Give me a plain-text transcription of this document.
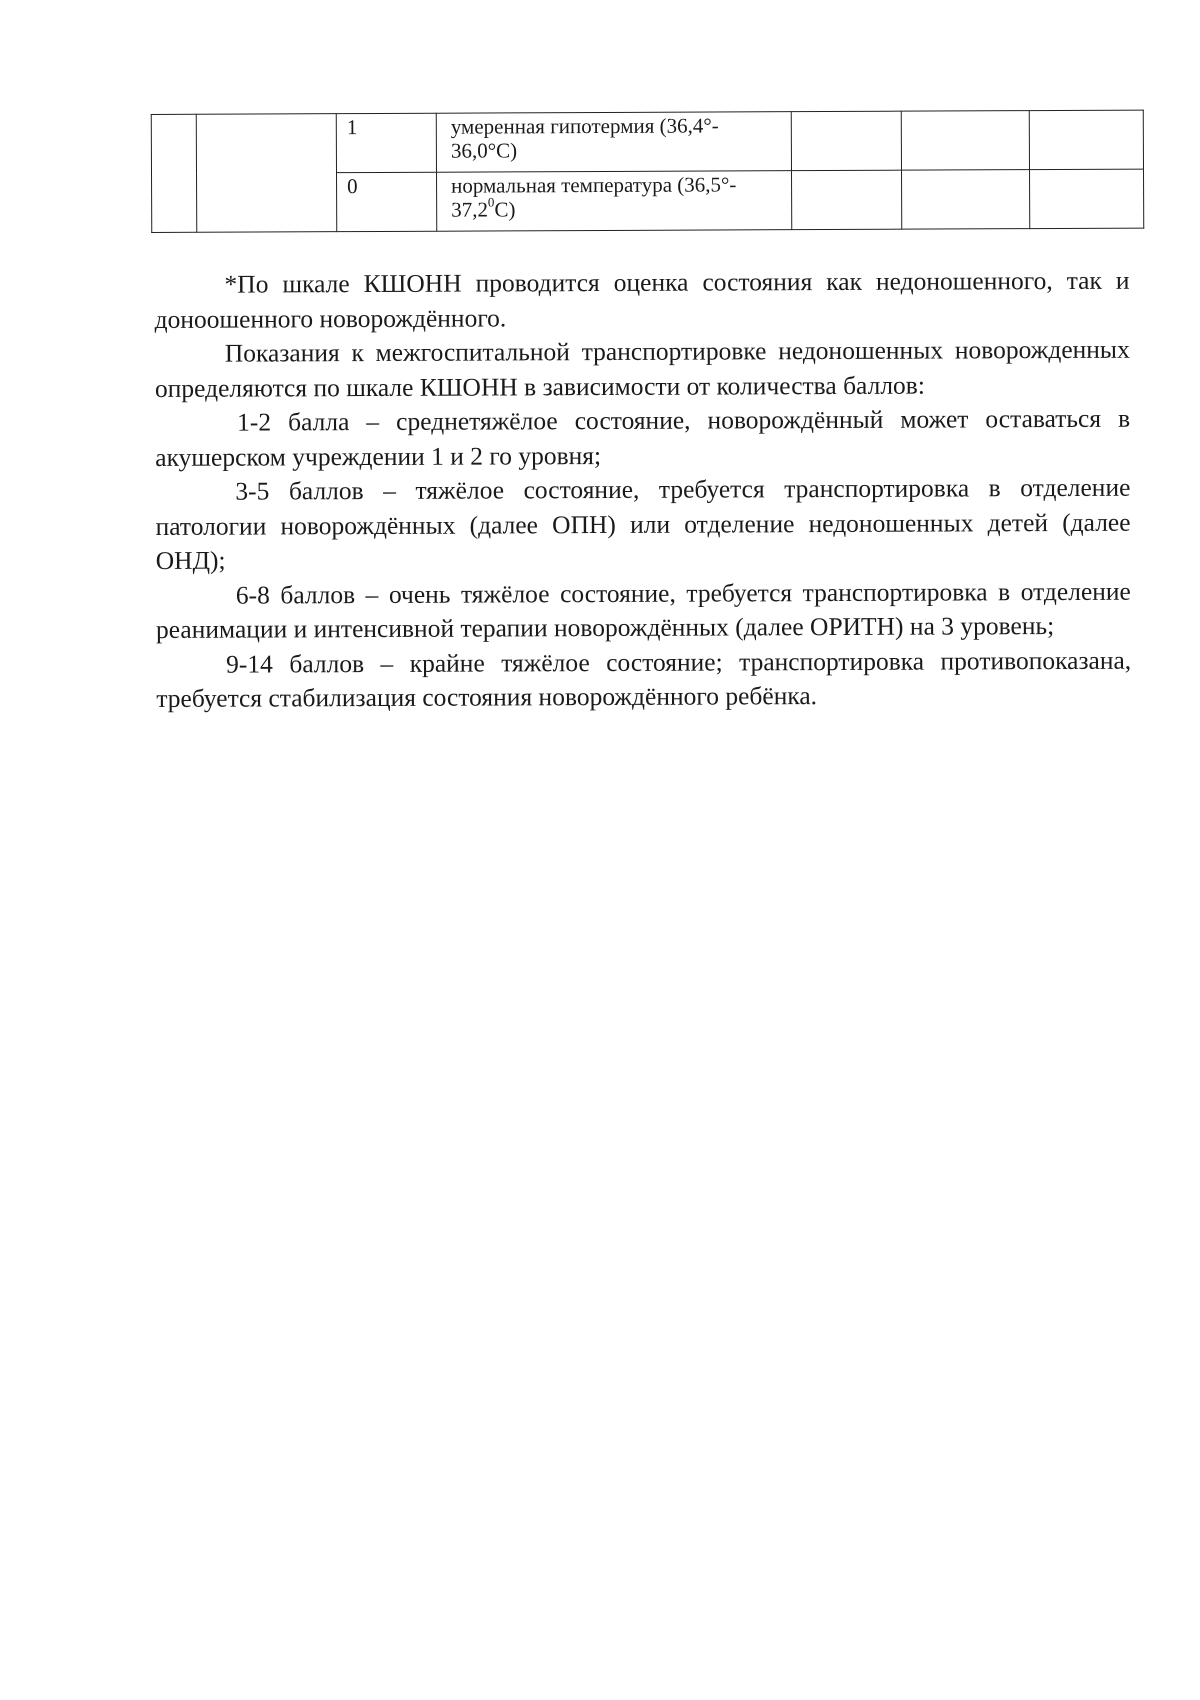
		1	умеренная гипотермия (36,4°-
36,0°С)			
		0	нормальная температура (36,5°-
37,2$^0$С)			

*По шкале КШОНН проводится оценка состояния как недоношенного, так и доноошенного новорождённого.

Показания к межгоспитальной транспортировке недоношенных новорожденных определяются по шкале КШОНН в зависимости от количества баллов:

1-2 балла – среднетяжёлое состояние, новорождённый может оставаться в акушерском учреждении 1 и 2 го уровня;

3-5 баллов – тяжёлое состояние, требуется транспортировка в отделение патологии новорождённых (далее ОПН) или отделение недоношенных детей (далее ОНД);

6-8 баллов – очень тяжёлое состояние, требуется транспортировка в отделение реанимации и интенсивной терапии новорождённых (далее ОРИТН) на 3 уровень;

9-14 баллов – крайне тяжёлое состояние; транспортировка противопоказана, требуется стабилизация состояния новорождённого ребёнка.
